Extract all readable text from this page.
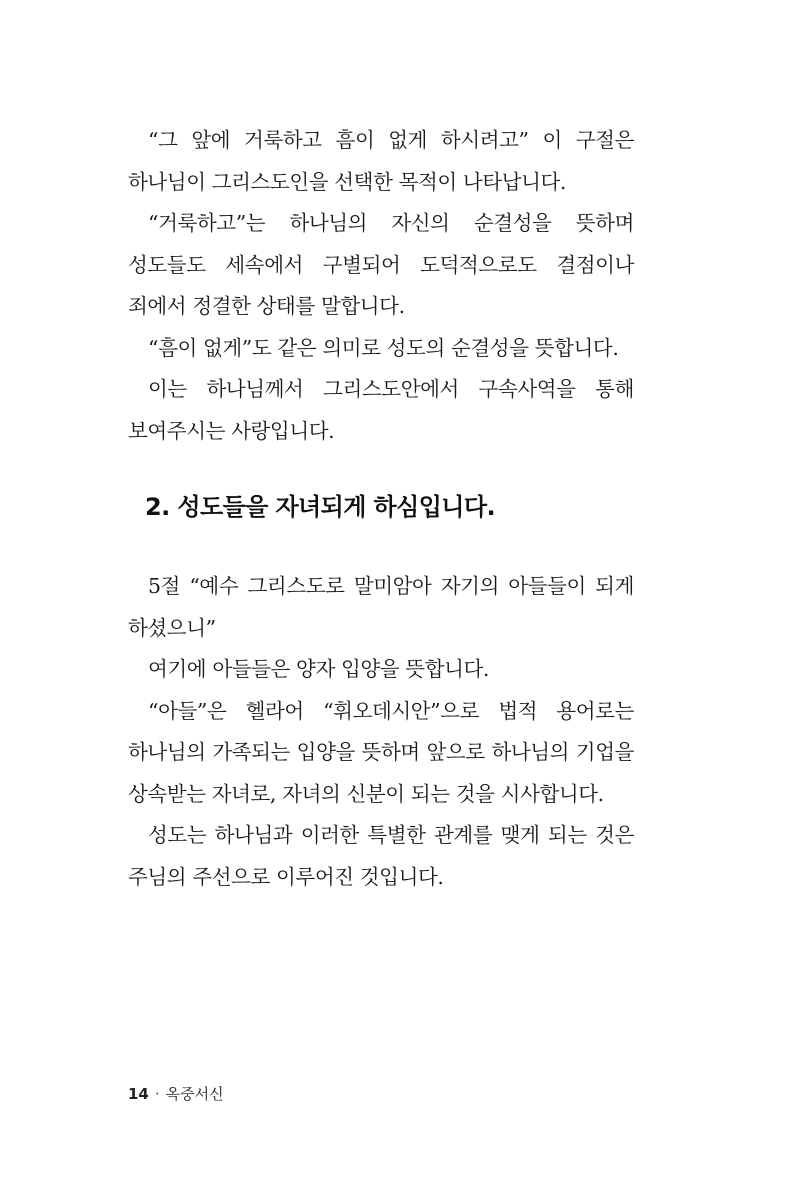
“그 앞에 거룩하고 흠이 없게 하시려고” 이 구절은 하나님이 그리스도인을 선택한 목적이 나타납니다.

“거룩하고”는 하나님의 자신의 순결성을 뜻하며 성도들도 세속에서 구별되어 도덕적으로도 결점이나 죄에서 정결한 상태를 말합니다.

“흠이 없게”도 같은 의미로 성도의 순결성을 뜻합니다.

이는 하나님께서 그리스도안에서 구속사역을 통해 보여주시는 사랑입니다.

2. 성도들을 자녀되게 하심입니다.

5절 “예수 그리스도로 말미암아 자기의 아들들이 되게 하셨으니”

여기에 아들들은 양자 입양을 뜻합니다.

“아들”은 헬라어 “휘오데시안”으로 법적 용어로는 하나님의 가족되는 입양을 뜻하며 앞으로 하나님의 기업을 상속받는 자녀로, 자녀의 신분이 되는 것을 시사합니다.

성도는 하나님과 이러한 특별한 관계를 맺게 되는 것은 주님의 주선으로 이루어진 것입니다.

14 · 옥중서신
